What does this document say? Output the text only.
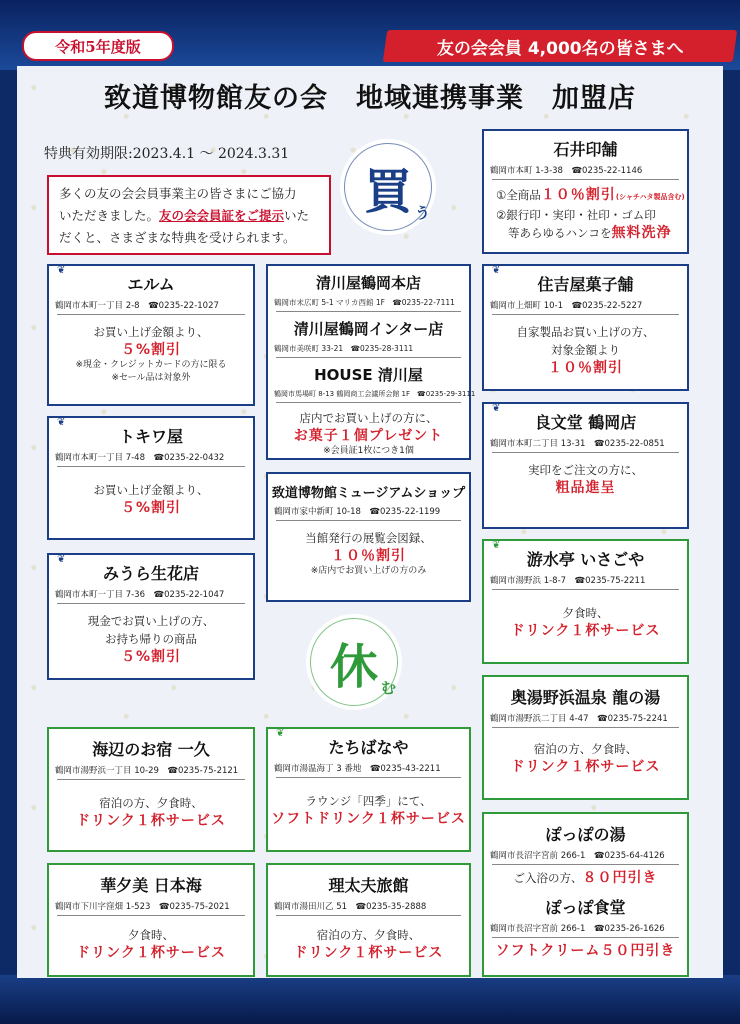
令和5年度版	友の会会員 4,000名の皆さまへ
致道博物館友の会　地域連携事業　加盟店
特典有効期限:2023.4.1 〜 2024.3.31
多くの友の会会員事業主の皆さまにご協力
いただきました。友の会会員証をご提示いた
だくと、さまざまな特典を受けられます。
買 う
休 む
石井印舗
鶴岡市本町 1-3-38　☎0235-22-1146
①全商品１０％割引(シャチハタ製品含む)
②銀行印・実印・社印・ゴム印
等あらゆるハンコを無料洗浄
❦
エルム
鶴岡市本町一丁目 2-8　☎0235-22-1027
お買い上げ金額より、
５%割引
※現金・クレジットカードの方に限る
※セール品は対象外
清川屋鶴岡本店
鶴岡市末広町 5-1 マリカ西館 1F　☎0235-22-7111
清川屋鶴岡インター店
鶴岡市美咲町 33-21　☎0235-28-3111
HOUSE 清川屋
鶴岡市馬場町 8-13 鶴岡商工会議所会館 1F　☎0235-29-3111
店内でお買い上げの方に、
お菓子１個プレゼント
※会員証1枚につき1個
❦
住吉屋菓子舗
鶴岡市上畑町 10-1　☎0235-22-5227
自家製品お買い上げの方、
対象金額より
１０％割引
❦
良文堂 鶴岡店
鶴岡市本町二丁目 13-31　☎0235-22-0851
実印をご注文の方に、
粗品進呈
❦
トキワ屋
鶴岡市本町一丁目 7-48　☎0235-22-0432
お買い上げ金額より、
５%割引
致道博物館ミュージアムショップ
鶴岡市家中新町 10-18　☎0235-22-1199
当館発行の展覧会図録、
１０％割引
※店内でお買い上げの方のみ
❦
みうら生花店
鶴岡市本町一丁目 7-36　☎0235-22-1047
現金でお買い上げの方、
お持ち帰りの商品
５%割引
❦
游水亭 いさごや
鶴岡市湯野浜 1-8-7　☎0235-75-2211
夕食時、
ドリンク１杯サービス
奥湯野浜温泉 龍の湯
鶴岡市湯野浜二丁目 4-47　☎0235-75-2241
宿泊の方、夕食時、
ドリンク１杯サービス
海辺のお宿 一久
鶴岡市湯野浜一丁目 10-29　☎0235-75-2121
宿泊の方、夕食時、
ドリンク１杯サービス
❦
たちばなや
鶴岡市湯温海丁 3 番地　☎0235-43-2211
ラウンジ「四季」にて、
ソフトドリンク１杯サービス
ぽっぽの湯
鶴岡市長沼字宮前 266-1　☎0235-64-4126
ご入浴の方、８０円引き
ぽっぽ食堂
鶴岡市長沼字宮前 266-1　☎0235-26-1626
ソフトクリーム５０円引き
華夕美 日本海
鶴岡市下川字窪畑 1-523　☎0235-75-2021
夕食時、
ドリンク１杯サービス
理太夫旅館
鶴岡市湯田川乙 51　☎0235-35-2888
宿泊の方、夕食時、
ドリンク１杯サービス
